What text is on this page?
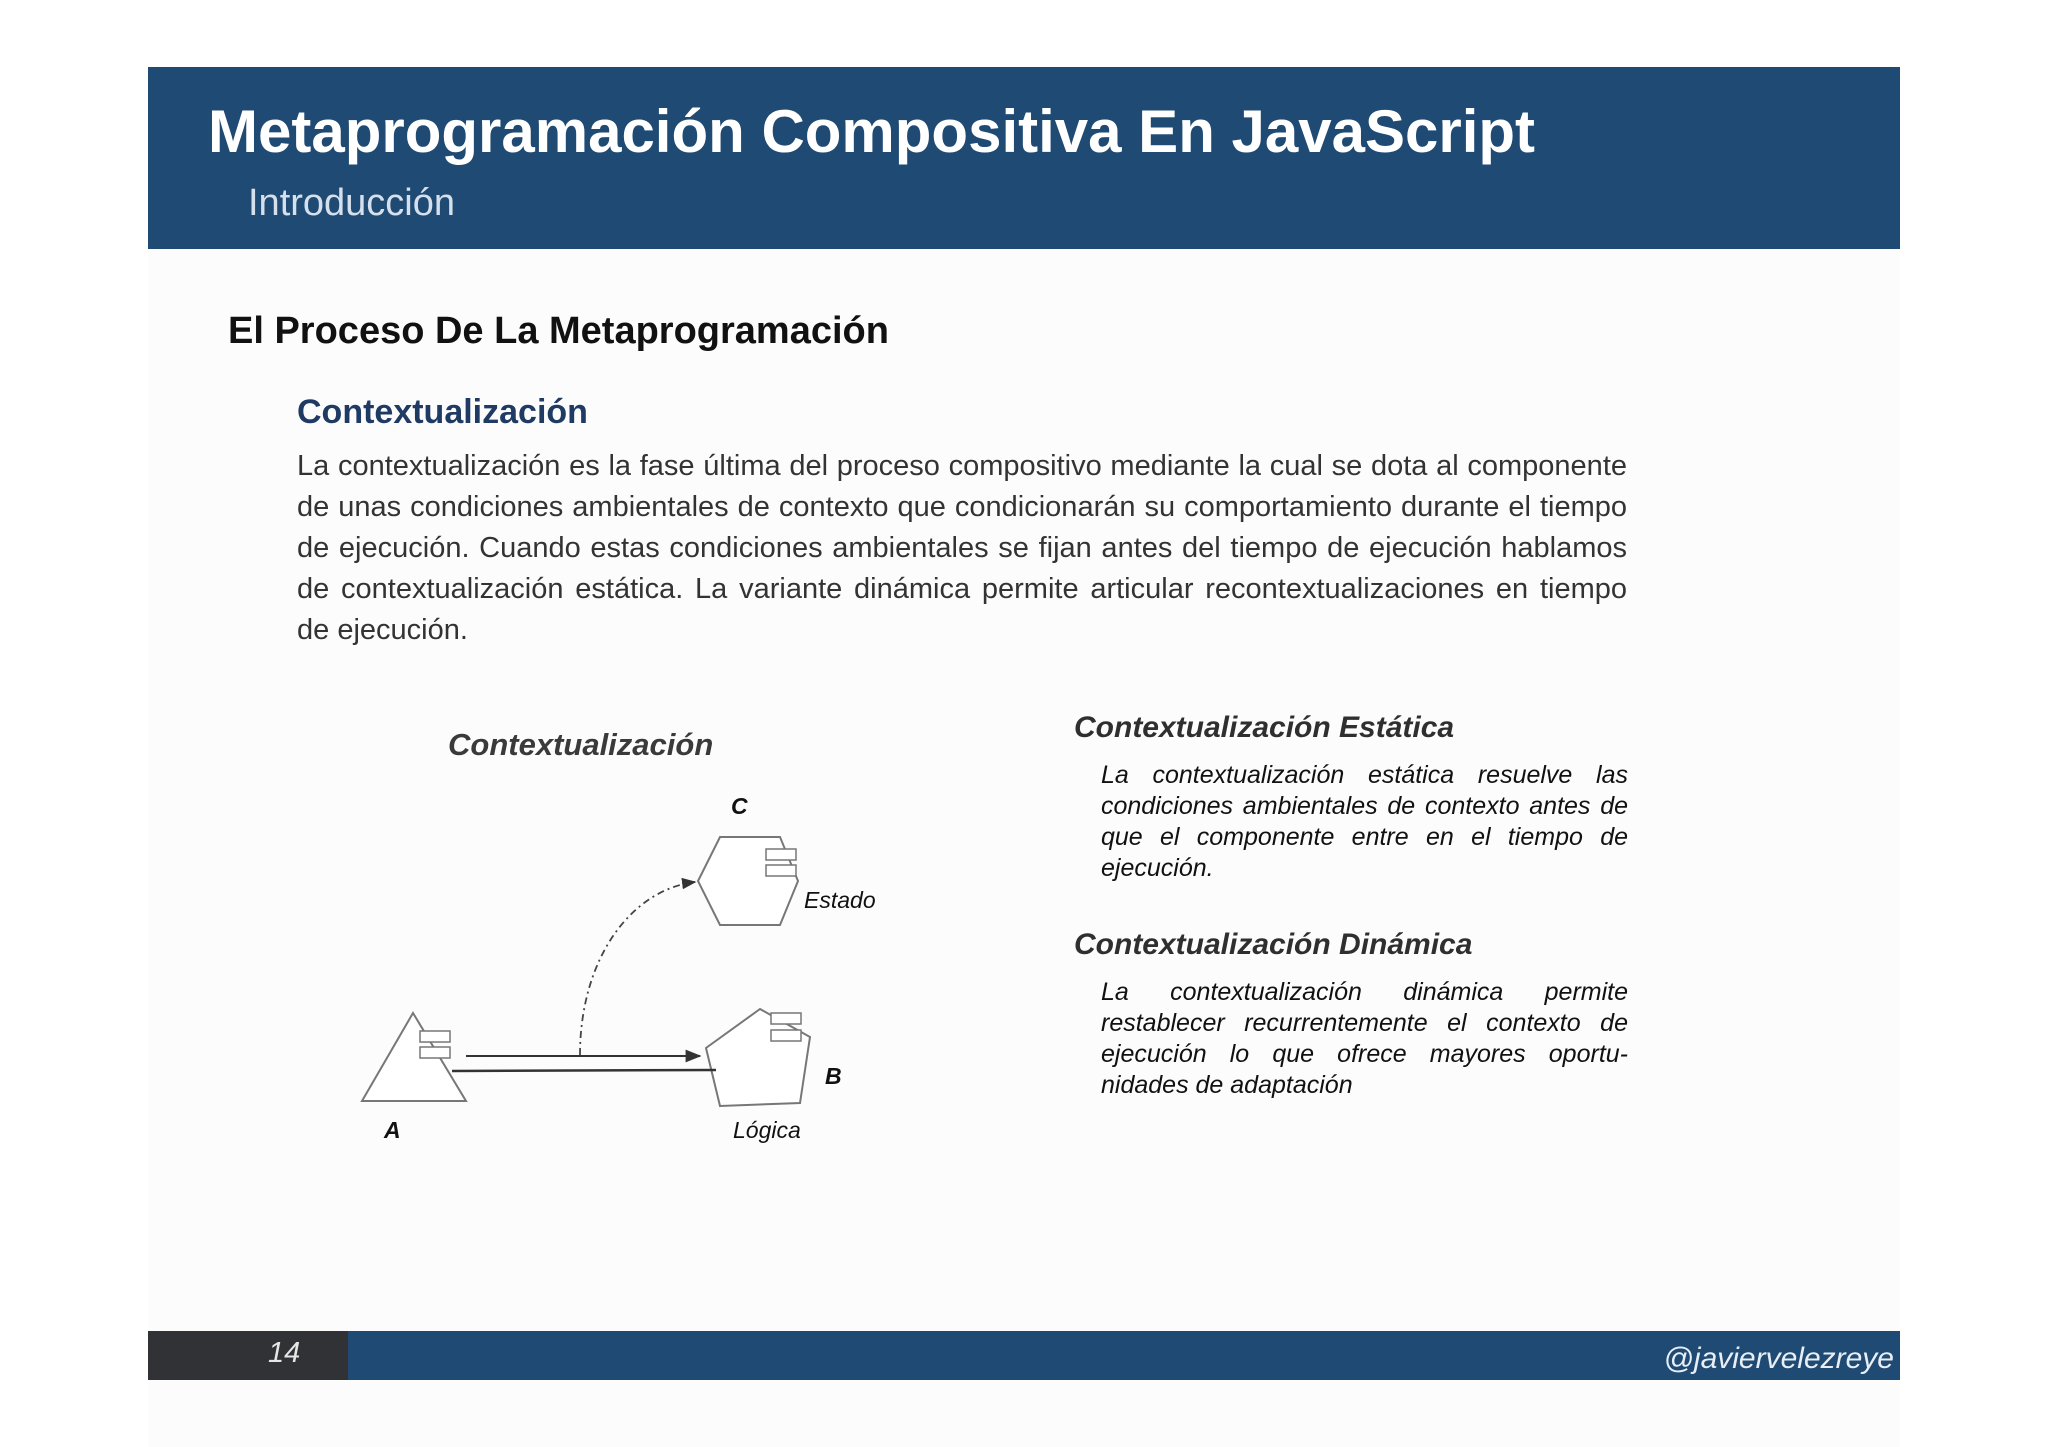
Metaprogramación Compositiva En JavaScript
Introducción
El Proceso De La Metaprogramación
Contextualización
La contextualización es la fase última del proceso compositivo mediante la cual se dota al componente de unas condiciones ambientales de contexto que condicionarán su comportamiento durante el tiempo de ejecución. Cuando estas condiciones ambientales se fijan antes del tiempo de ejecución hablamos de contextualización estática. La variante dinámica permite articular recontextualizaciones en tiempo de ejecución.
Contextualización
C
Estado
B
A	Lógica
Contextualización Estática
La contextualización estática resuelve las condiciones ambientales de contexto antes de que el componente entre en el tiempo de ejecución.
Contextualización Dinámica
La contextualización dinámica permite restablecer recurrentemente el contexto de ejecución lo que ofrece mayores oportu-nidades de adaptación
14	@javiervelezreye
